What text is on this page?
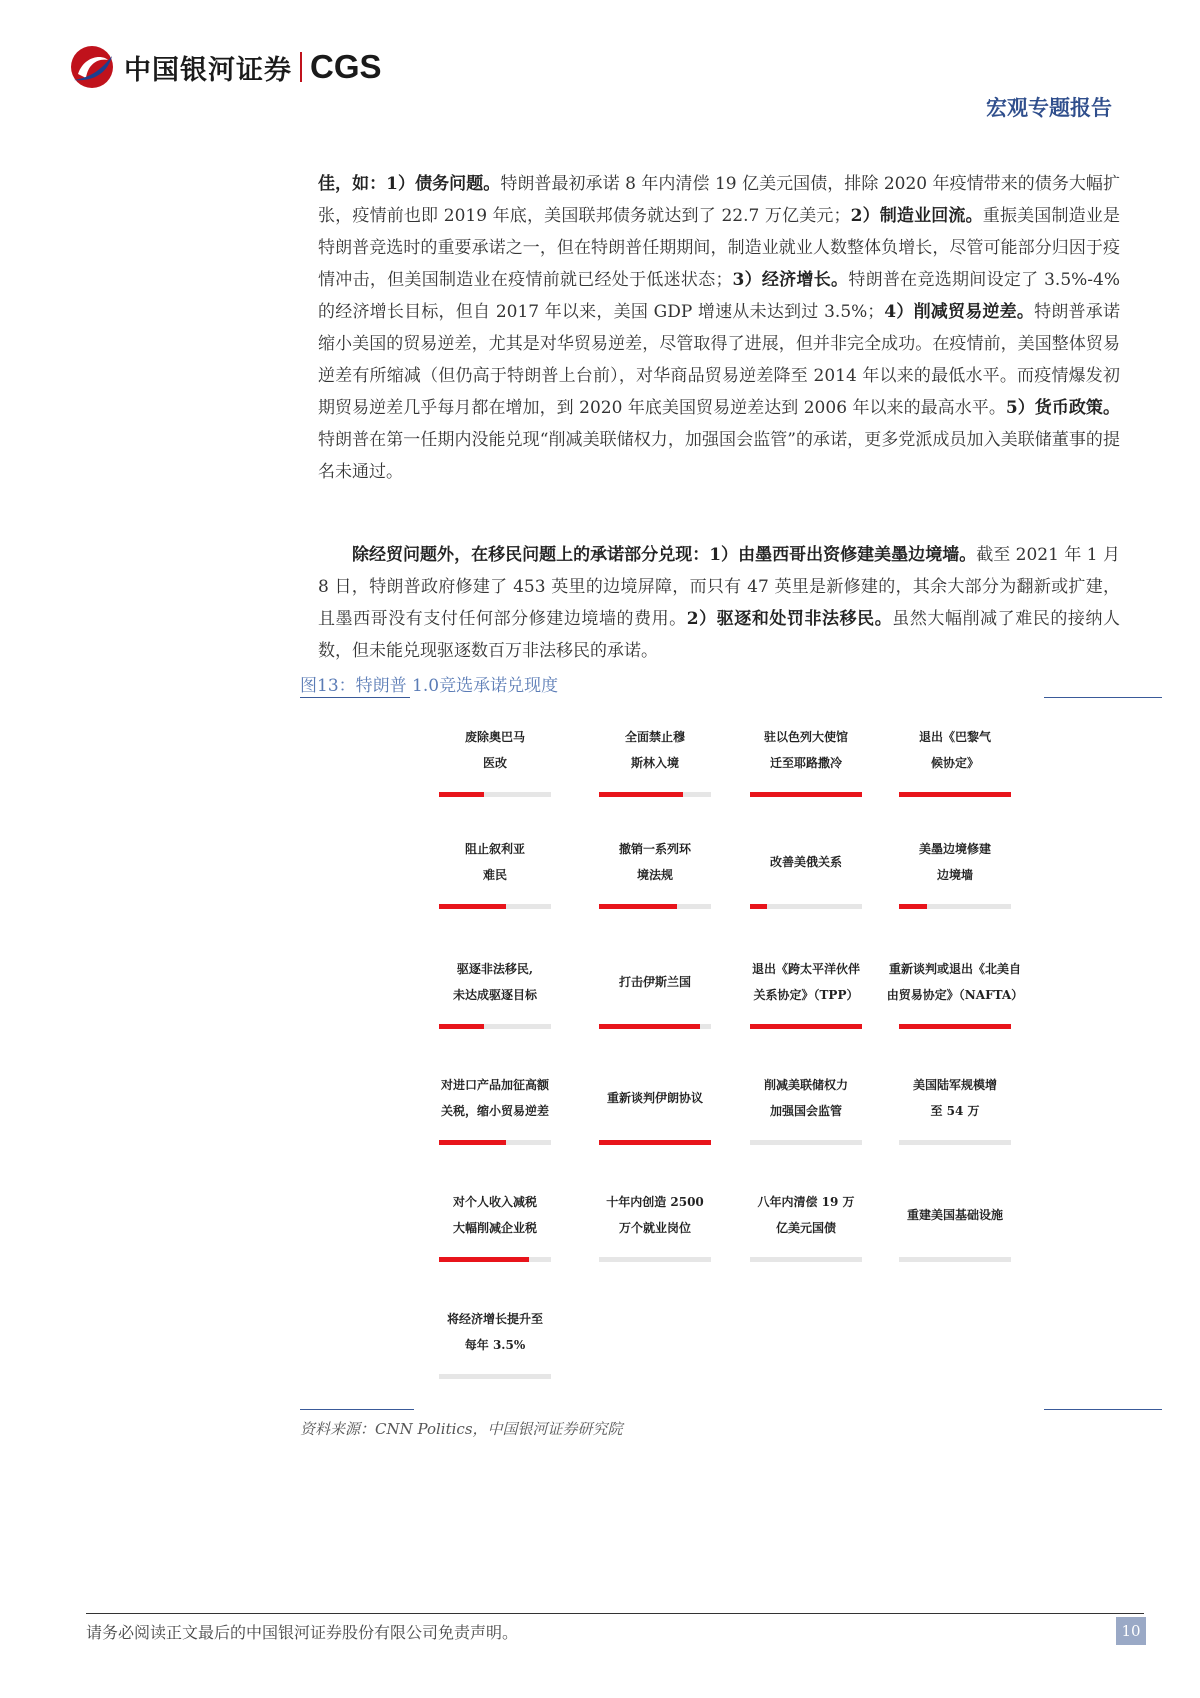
中国银河证券 CGS
宏观专题报告

佳，如：1）债务问题。特朗普最初承诺 8 年内清偿 19 亿美元国债，排除 2020 年疫情带来的债务大幅扩张，疫情前也即 2019 年底，美国联邦债务就达到了 22.7 万亿美元；2）制造业回流。重振美国制造业是特朗普竞选时的重要承诺之一，但在特朗普任期期间，制造业就业人数整体负增长，尽管可能部分归因于疫情冲击，但美国制造业在疫情前就已经处于低迷状态；3）经济增长。特朗普在竞选期间设定了 3.5%-4%的经济增长目标，但自 2017 年以来，美国 GDP 增速从未达到过 3.5%；4）削减贸易逆差。特朗普承诺缩小美国的贸易逆差，尤其是对华贸易逆差，尽管取得了进展，但并非完全成功。在疫情前，美国整体贸易逆差有所缩减（但仍高于特朗普上台前），对华商品贸易逆差降至 2014 年以来的最低水平。而疫情爆发初期贸易逆差几乎每月都在增加，到 2020 年底美国贸易逆差达到 2006 年以来的最高水平。5）货币政策。特朗普在第一任期内没能兑现“削减美联储权力，加强国会监管”的承诺，更多党派成员加入美联储董事的提名未通过。

除经贸问题外，在移民问题上的承诺部分兑现：1）由墨西哥出资修建美墨边境墙。截至 2021 年 1 月 8 日，特朗普政府修建了 453 英里的边境屏障，而只有 47 英里是新修建的，其余大部分为翻新或扩建，且墨西哥没有支付任何部分修建边境墙的费用。2）驱逐和处罚非法移民。虽然大幅削减了难民的接纳人数，但未能兑现驱逐数百万非法移民的承诺。

图13：特朗普 1.0竞选承诺兑现度
废除奥巴马
医改
全面禁止穆
斯林入境
驻以色列大使馆
迁至耶路撒冷
退出《巴黎气
候协定》
阻止叙利亚
难民
撤销一系列环
境法规
改善美俄关系
美墨边境修建
边境墙
驱逐非法移民,
未达成驱逐目标
打击伊斯兰国
退出《跨太平洋伙伴
关系协定》（TPP）
重新谈判或退出《北美自
由贸易协定》（NAFTA）
对进口产品加征高额
关税，缩小贸易逆差
重新谈判伊朗协议
削减美联储权力
加强国会监管
美国陆军规模增
至 54 万
对个人收入减税
大幅削减企业税
十年内创造 2500
万个就业岗位
八年内清偿 19 万
亿美元国债
重建美国基础设施
将经济增长提升至
每年 3.5%
资料来源：CNN Politics，中国银河证券研究院
请务必阅读正文最后的中国银河证券股份有限公司免责声明。	10
